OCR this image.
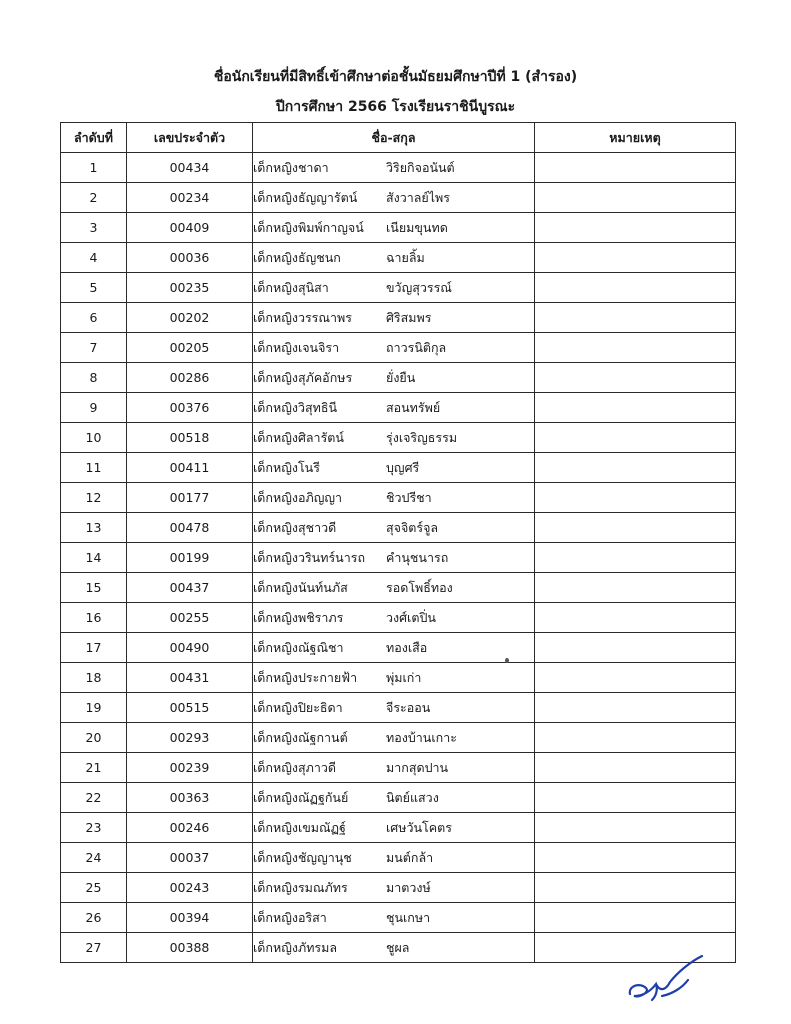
ชื่อนักเรียนที่มีสิทธิ์เข้าศึกษาต่อชั้นมัธยมศึกษาปีที่ 1 (สำรอง)
ปีการศึกษา 2566 โรงเรียนราชินีบูรณะ
ลำดับที่	เลขประจำตัว	ชื่อ-สกุล	หมายเหตุ
1	00434	เด็กหญิงชาดา วิริยกิจอนันต์	
2	00234	เด็กหญิงธัญญารัตน์ สังวาลย์ไพร	
3	00409	เด็กหญิงพิมพ์กาญจน์ เนียมขุนทด	
4	00036	เด็กหญิงธัญชนก ฉายลิ้ม	
5	00235	เด็กหญิงสุนิสา ขวัญสุวรรณ์	
6	00202	เด็กหญิงวรรณาพร ศิริสมพร	
7	00205	เด็กหญิงเจนจิรา ถาวรนิติกุล	
8	00286	เด็กหญิงสุภัคอักษร ยั่งยืน	
9	00376	เด็กหญิงวิสุทธินี สอนทรัพย์	
10	00518	เด็กหญิงศิลารัตน์ รุ่งเจริญธรรม	
11	00411	เด็กหญิงโนรี บุญศรี	
12	00177	เด็กหญิงอภิญญา ชิวปรีชา	
13	00478	เด็กหญิงสุชาวดี สุจจิตร์จูล	
14	00199	เด็กหญิงวรินทร์นารถ คำนุชนารถ	
15	00437	เด็กหญิงนันท์นภัส รอดโพธิ์ทอง	
16	00255	เด็กหญิงพชิราภร วงศ์เตปิ่น	
17	00490	เด็กหญิงณัฐณิชา ทองเสือ	
18	00431	เด็กหญิงประกายฟ้า พุ่มเก่า	
19	00515	เด็กหญิงปิยะธิดา จีระออน	
20	00293	เด็กหญิงณัฐกานต์ ทองบ้านเกาะ	
21	00239	เด็กหญิงสุภาวดี มากสุดปาน	
22	00363	เด็กหญิงณัฏฐกันย์ นิตย์แสวง	
23	00246	เด็กหญิงเขมณัฏฐ์ เศษวันโคตร	
24	00037	เด็กหญิงชัญญานุช มนต์กล้า	
25	00243	เด็กหญิงรมณภัทร มาตวงษ์	
26	00394	เด็กหญิงอริสา ชุนเกษา	
27	00388	เด็กหญิงภัทรมล ชูผล	
